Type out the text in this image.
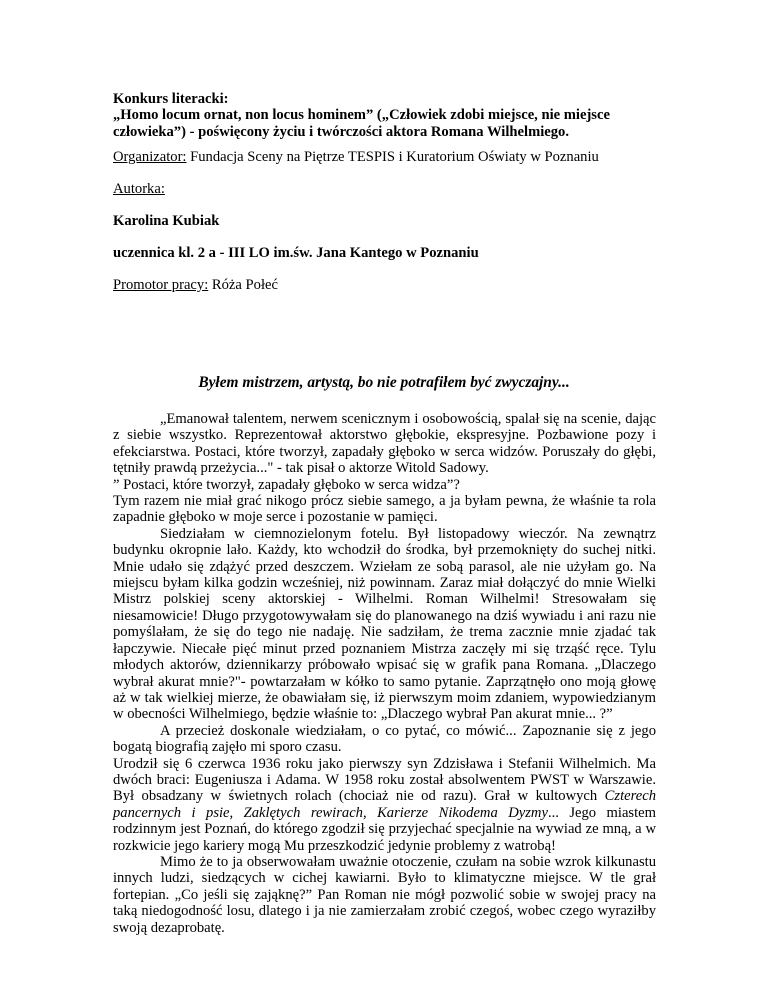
Konkurs literacki:

„Homo locum ornat, non locus hominem” („Człowiek zdobi miejsce, nie miejsce człowieka”) - poświęcony życiu i twórczości aktora Romana Wilhelmiego.

Organizator: Fundacja Sceny na Piętrze TESPIS i Kuratorium Oświaty w Poznaniu
Autorka:
Karolina Kubiak
uczennica kl. 2 a - III LO im.św. Jana Kantego w Poznaniu
Promotor pracy: Róża Połeć
Byłem mistrzem, artystą, bo nie potrafiłem być zwyczajny...

„Emanował talentem, nerwem scenicznym i osobowością, spalał się na scenie, dając z siebie wszystko. Reprezentował aktorstwo głębokie, ekspresyjne. Pozbawione pozy i efekciarstwa. Postaci, które tworzył, zapadały głęboko w serca widzów. Poruszały do głębi, tętniły prawdą przeżycia..." - tak pisał o aktorze Witold Sadowy.

” Postaci, które tworzył, zapadały głęboko w serca widza”?

Tym razem nie miał grać nikogo prócz siebie samego, a ja byłam pewna, że właśnie ta rola zapadnie głęboko w moje serce i pozostanie w pamięci.

Siedziałam w ciemnozielonym fotelu. Był listopadowy wieczór. Na zewnątrz budynku okropnie lało. Każdy, kto wchodził do środka, był przemoknięty do suchej nitki. Mnie udało się zdążyć przed deszczem. Wziełam ze sobą parasol, ale nie użyłam go. Na miejscu byłam kilka godzin wcześniej, niż powinnam. Zaraz miał dołączyć do mnie Wielki Mistrz polskiej sceny aktorskiej - Wilhelmi. Roman Wilhelmi! Stresowałam się niesamowicie! Długo przygotowywałam się do planowanego na dziś wywiadu i ani razu nie pomyślałam, że się do tego nie nadaję. Nie sadziłam, że trema zacznie mnie zjadać tak łapczywie. Niecałe pięć minut przed poznaniem Mistrza zaczęły mi się trząść ręce. Tylu młodych aktorów, dziennikarzy próbowało wpisać się w grafik pana Romana. „Dlaczego wybrał akurat mnie?"- powtarzałam w kółko to samo pytanie. Zaprzątnęło ono moją głowę aż w tak wielkiej mierze, że obawiałam się, iż pierwszym moim zdaniem, wypowiedzianym w obecności Wilhelmiego, będzie właśnie to: „Dlaczego wybrał Pan akurat mnie... ?”

A przecież doskonale wiedziałam, o co pytać, co mówić... Zapoznanie się z jego bogatą biografią zajęło mi sporo czasu.

Urodził się 6 czerwca 1936 roku jako pierwszy syn Zdzisława i Stefanii Wilhelmich. Ma dwóch braci: Eugeniusza i Adama. W 1958 roku został absolwentem PWST w Warszawie. Był obsadzany w świetnych rolach (chociaż nie od razu). Grał w kultowych Czterech pancernych i psie, Zaklętych rewirach, Karierze Nikodema Dyzmy... Jego miastem rodzinnym jest Poznań, do którego zgodził się przyjechać specjalnie na wywiad ze mną, a w rozkwicie jego kariery mogą Mu przeszkodzić jedynie problemy z watrobą!

Mimo że to ja obserwowałam uważnie otoczenie, czułam na sobie wzrok kilkunastu innych ludzi, siedzących w cichej kawiarni. Było to klimatyczne miejsce. W tle grał fortepian. „Co jeśli się zająknę?” Pan Roman nie mógł pozwolić sobie w swojej pracy na taką niedogodność losu, dlatego i ja nie zamierzałam zrobić czegoś, wobec czego wyraziłby swoją dezaprobatę.
